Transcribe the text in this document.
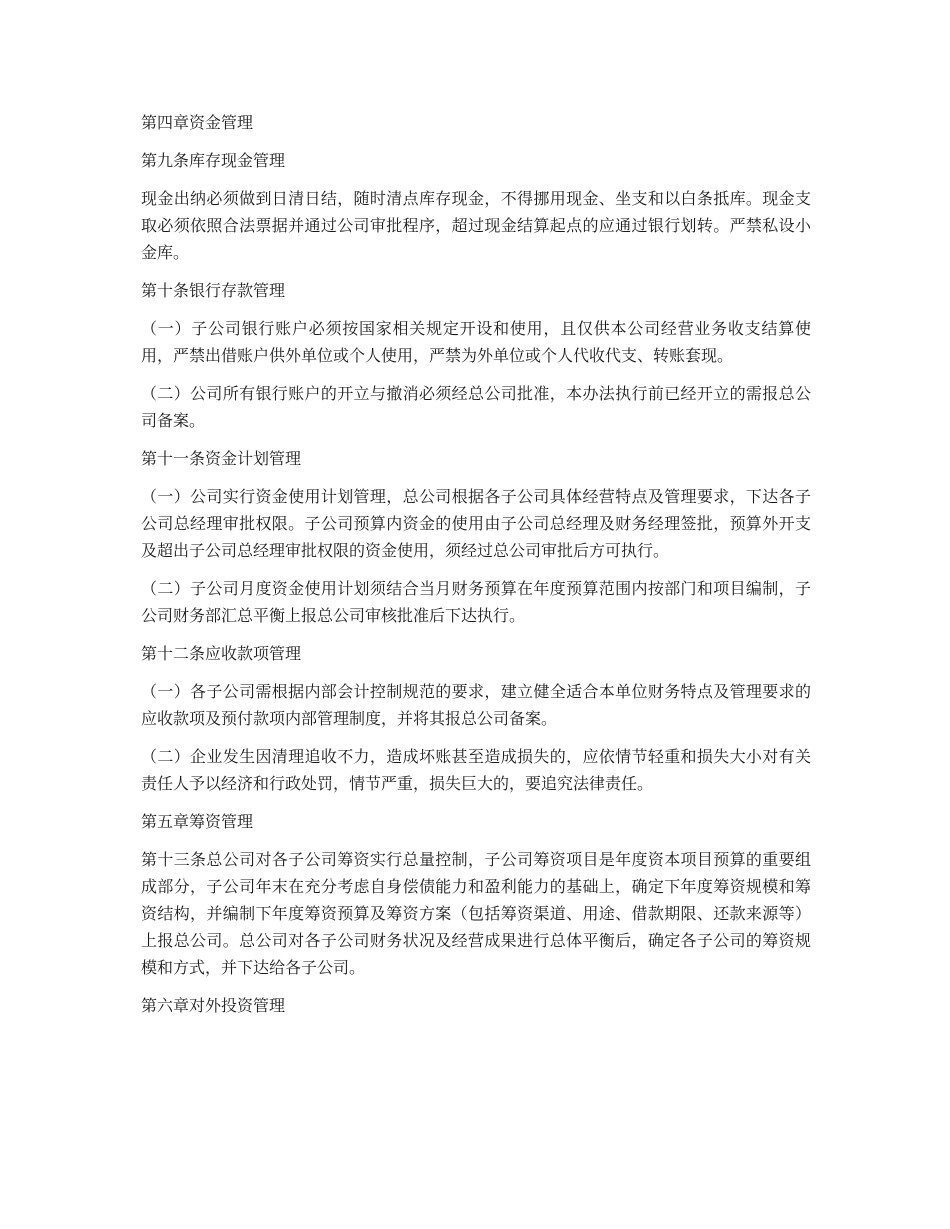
第四章资金管理

第九条库存现金管理

现金出纳必须做到日清日结，随时清点库存现金，不得挪用现金、坐支和以白条抵库。现金支取必须依照合法票据并通过公司审批程序，超过现金结算起点的应通过银行划转。严禁私设小金库。

第十条银行存款管理

（一）子公司银行账户必须按国家相关规定开设和使用，且仅供本公司经营业务收支结算使用，严禁出借账户供外单位或个人使用，严禁为外单位或个人代收代支、转账套现。

（二）公司所有银行账户的开立与撤消必须经总公司批准，本办法执行前已经开立的需报总公司备案。

第十一条资金计划管理

（一）公司实行资金使用计划管理，总公司根据各子公司具体经营特点及管理要求，下达各子公司总经理审批权限。子公司预算内资金的使用由子公司总经理及财务经理签批，预算外开支及超出子公司总经理审批权限的资金使用，须经过总公司审批后方可执行。

（二）子公司月度资金使用计划须结合当月财务预算在年度预算范围内按部门和项目编制，子公司财务部汇总平衡上报总公司审核批准后下达执行。

第十二条应收款项管理

（一）各子公司需根据内部会计控制规范的要求，建立健全适合本单位财务特点及管理要求的应收款项及预付款项内部管理制度，并将其报总公司备案。

（二）企业发生因清理追收不力，造成坏账甚至造成损失的，应依情节轻重和损失大小对有关责任人予以经济和行政处罚，情节严重，损失巨大的，要追究法律责任。

第五章筹资管理

第十三条总公司对各子公司筹资实行总量控制，子公司筹资项目是年度资本项目预算的重要组成部分，子公司年末在充分考虑自身偿债能力和盈利能力的基础上，确定下年度筹资规模和筹资结构，并编制下年度筹资预算及筹资方案（包括筹资渠道、用途、借款期限、还款来源等）上报总公司。总公司对各子公司财务状况及经营成果进行总体平衡后，确定各子公司的筹资规模和方式，并下达给各子公司。

第六章对外投资管理
